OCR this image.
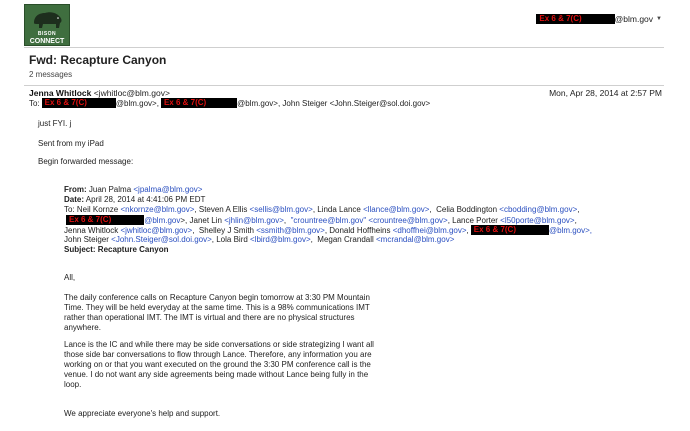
BISON
CONNECT
Ex 6 & 7(C)	@blm.gov ▼
Fwd: Recapture Canyon
2 messages
Jenna Whitlock <jwhitloc@blm.gov>	Mon, Apr 28, 2014 at 2:57 PM
To: Ex 6 & 7(C)	@blm.gov>, Ex 6 & 7(C)	@blm.gov>, John Steiger <John.Steiger@sol.doi.gov>
just FYI. j
Sent from my iPad
Begin forwarded message:
From: Juan Palma <jpalma@blm.gov>
Date: April 28, 2014 at 4:41:06 PM EDT
To: Neil Kornze <nkornze@blm.gov> , Steven A Ellis <sellis@blm.gov> , Linda Lance <llance@blm.gov> ,  Celia Boddington <cbodding@blm.gov> ,
Ex 6 & 7(C)	@blm.gov >, Janet Lin <jhlin@blm.gov> , "crountree@blm.gov" <crountree@blm.gov> , Lance Porter <l50porte@blm.gov> ,
Jenna Whitlock <jwhitloc@blm.gov> ,  Shelley J Smith <ssmith@blm.gov> , Donald Hoffheins <dhoffhei@blm.gov> , Ex 6 & 7(C)	@blm.gov>,
John Steiger <John.Steiger@sol.doi.gov> , Lola Bird <lbird@blm.gov> ,  Megan Crandall <mcrandal@blm.gov>
Subject: Recapture Canyon
All,
The daily conference calls on Recapture Canyon begin tomorrow at 3:30 PM Mountain Time. They will be held everyday at the same time. This is a 98% communications IMT rather than operational IMT. The IMT is virtual and there are no physical structures anywhere.
Lance is the IC and while there may be side conversations or side strategizing I want all those side bar conversations to flow through Lance. Therefore, any information you are working on or that you want executed on the ground the 3:30 PM conference call is the venue. I do not want any side agreements being made without Lance being fully in the loop.
We appreciate everyone's help and support.
